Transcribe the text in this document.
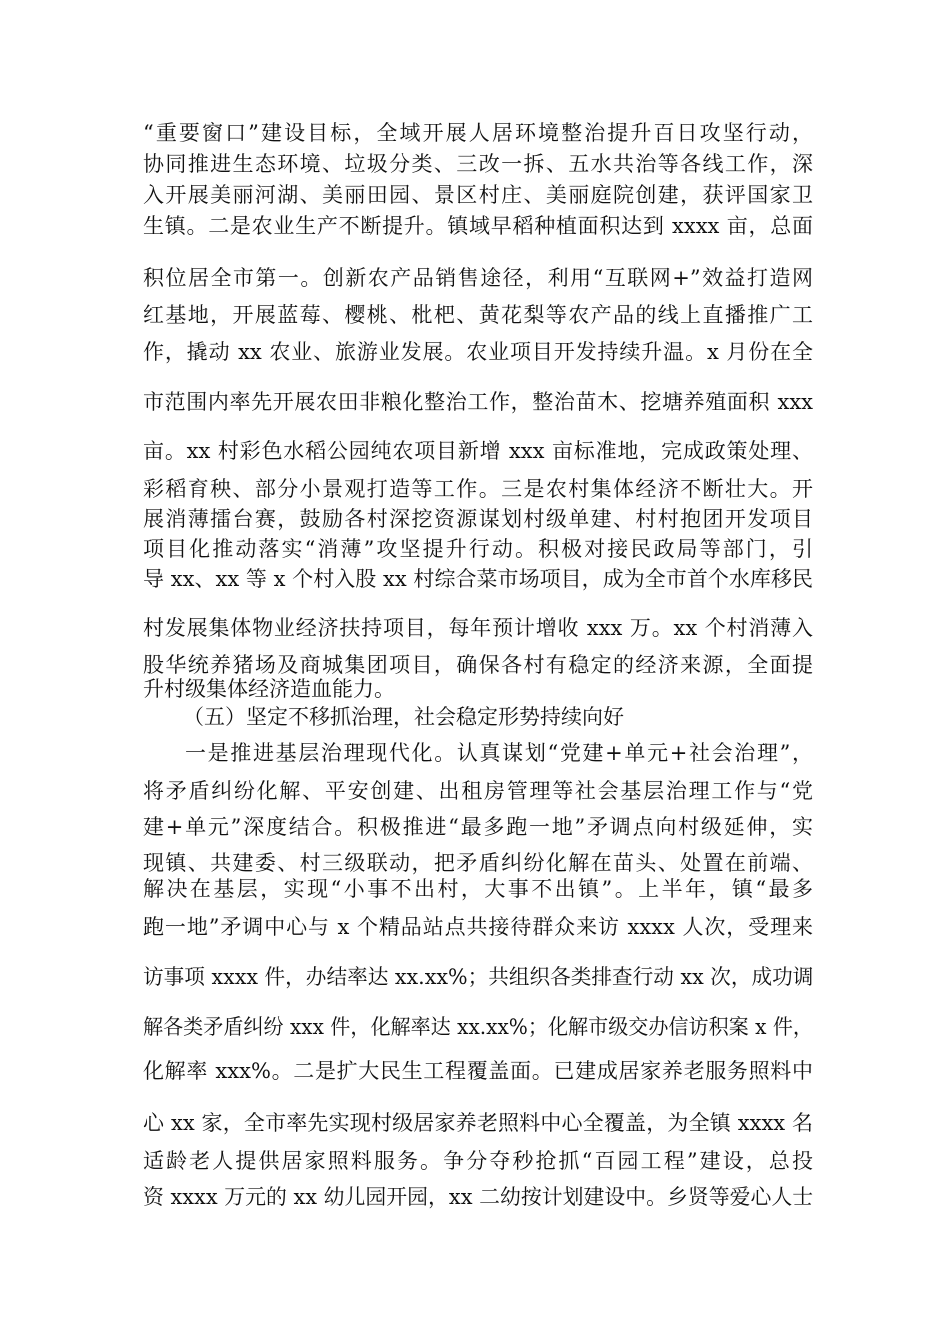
“重要窗口”建设目标，全域开展人居环境整治提升百日攻坚行动，
协同推进生态环境、垃圾分类、三改一拆、五水共治等各线工作，深
入开展美丽河湖、美丽田园、景区村庄、美丽庭院创建，获评国家卫
生镇。二是农业生产不断提升。镇域早稻种植面积达到 xxxx 亩，总面
积位居全市第一。创新农产品销售途径，利用“互联网+”效益打造网
红基地，开展蓝莓、樱桃、枇杷、黄花梨等农产品的线上直播推广工
作，撬动 xx 农业、旅游业发展。农业项目开发持续升温。x 月份在全
市范围内率先开展农田非粮化整治工作，整治苗木、挖塘养殖面积 xxx
亩。xx 村彩色水稻公园纯农项目新增 xxx 亩标准地，完成政策处理、
彩稻育秧、部分小景观打造等工作。三是农村集体经济不断壮大。开
展消薄擂台赛，鼓励各村深挖资源谋划村级单建、村村抱团开发项目
项目化推动落实“消薄”攻坚提升行动。积极对接民政局等部门，引
导 xx、xx 等 x 个村入股 xx 村综合菜市场项目，成为全市首个水库移民
村发展集体物业经济扶持项目，每年预计增收 xxx 万。xx 个村消薄入
股华统养猪场及商城集团项目，确保各村有稳定的经济来源，全面提
升村级集体经济造血能力。
（五）坚定不移抓治理，社会稳定形势持续向好
一是推进基层治理现代化。认真谋划“党建+单元+社会治理”，
将矛盾纠纷化解、平安创建、出租房管理等社会基层治理工作与“党
建+单元”深度结合。积极推进“最多跑一地”矛调点向村级延伸，实
现镇、共建委、村三级联动，把矛盾纠纷化解在苗头、处置在前端、
解决在基层，实现“小事不出村，大事不出镇”。上半年，镇“最多
跑一地”矛调中心与 x 个精品站点共接待群众来访 xxxx 人次，受理来
访事项 xxxx 件，办结率达 xx.xx%；共组织各类排查行动 xx 次，成功调
解各类矛盾纠纷 xxx 件，化解率达 xx.xx%；化解市级交办信访积案 x 件，
化解率 xxx%。二是扩大民生工程覆盖面。已建成居家养老服务照料中
心 xx 家，全市率先实现村级居家养老照料中心全覆盖，为全镇 xxxx 名
适龄老人提供居家照料服务。争分夺秒抢抓“百园工程”建设，总投
资 xxxx 万元的 xx 幼儿园开园，xx 二幼按计划建设中。乡贤等爱心人士
